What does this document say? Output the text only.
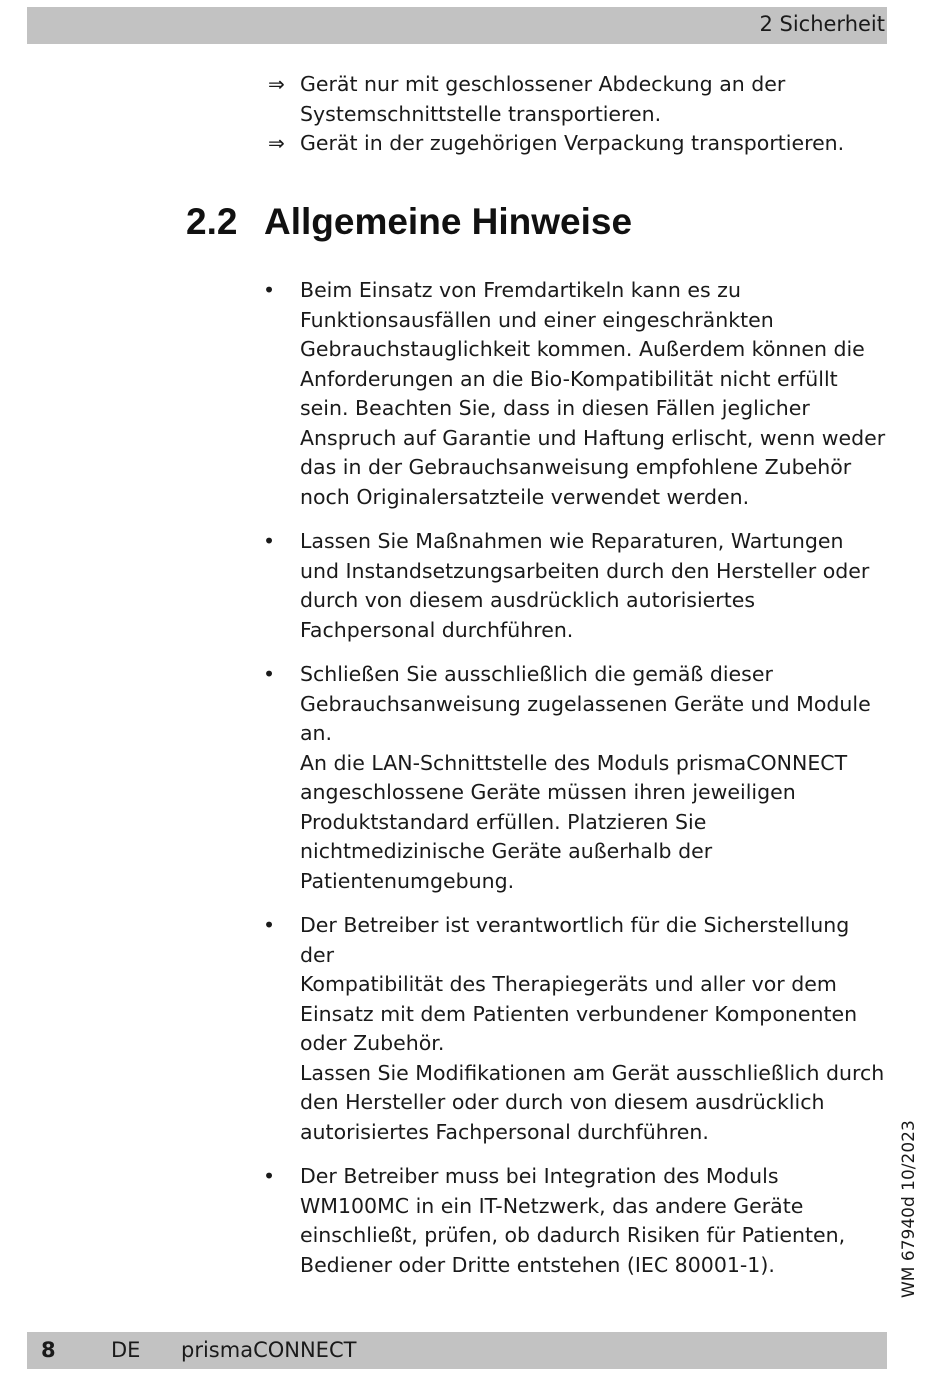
2 Sicherheit
⇒ Gerät nur mit geschlossener Abdeckung an der
Systemschnittstelle transportieren.
⇒ Gerät in der zugehörigen Verpackung transportieren.
2.2 Allgemeine Hinweise
• Beim Einsatz von Fremdartikeln kann es zu
Funktionsausfällen und einer eingeschränkten
Gebrauchstauglichkeit kommen. Außerdem können die
Anforderungen an die Bio-Kompatibilität nicht erfüllt
sein. Beachten Sie, dass in diesen Fällen jeglicher
Anspruch auf Garantie und Haftung erlischt, wenn weder
das in der Gebrauchsanweisung empfohlene Zubehör
noch Originalersatzteile verwendet werden.

• Lassen Sie Maßnahmen wie Reparaturen, Wartungen
und Instandsetzungsarbeiten durch den Hersteller oder
durch von diesem ausdrücklich autorisiertes
Fachpersonal durchführen.

• Schließen Sie ausschließlich die gemäß dieser
Gebrauchsanweisung zugelassenen Geräte und Module
an.

An die LAN-Schnittstelle des Moduls prismaCONNECT
angeschlossene Geräte müssen ihren jeweiligen
Produktstandard erfüllen. Platzieren Sie
nichtmedizinische Geräte außerhalb der
Patientenumgebung.

• Der Betreiber ist verantwortlich für die Sicherstellung der
Kompatibilität des Therapiegeräts und aller vor dem
Einsatz mit dem Patienten verbundener Komponenten
oder Zubehör.

Lassen Sie Modifikationen am Gerät ausschließlich durch
den Hersteller oder durch von diesem ausdrücklich
autorisiertes Fachpersonal durchführen.

• Der Betreiber muss bei Integration des Moduls
WM100MC in ein IT-Netzwerk, das andere Geräte
einschließt, prüfen, ob dadurch Risiken für Patienten,
Bediener oder Dritte entstehen (IEC 80001-1).	WM 67940d 10/2023
8	DE prismaCONNECT
